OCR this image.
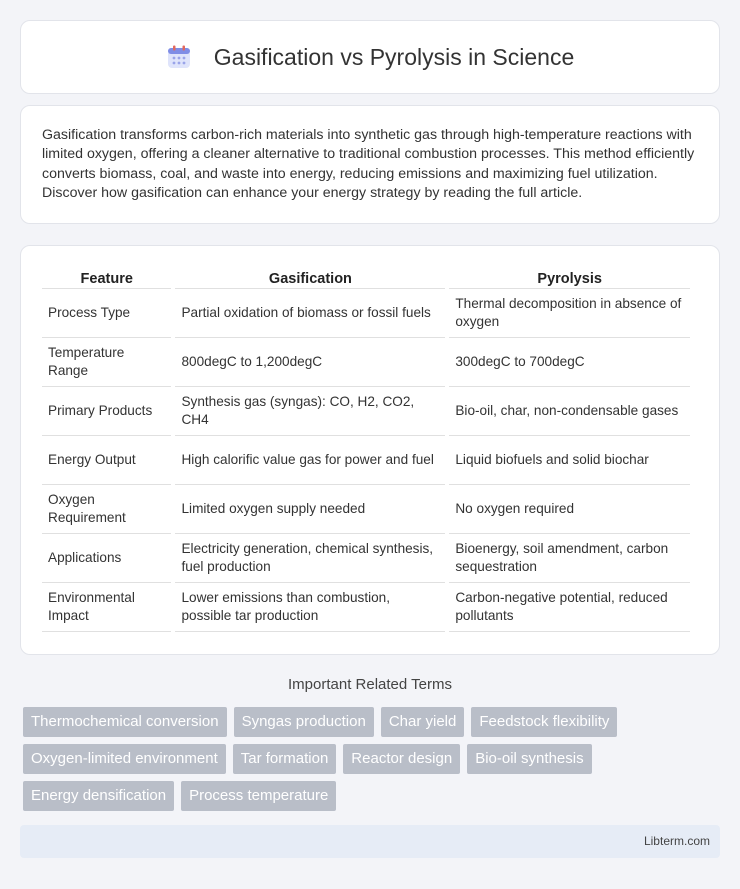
Gasification vs Pyrolysis in Science

Gasification transforms carbon-rich materials into synthetic gas through high-temperature reactions with limited oxygen, offering a cleaner alternative to traditional combustion processes. This method efficiently converts biomass, coal, and waste into energy, reducing emissions and maximizing fuel utilization. Discover how gasification can enhance your energy strategy by reading the full article.

Feature	Gasification	Pyrolysis
Process Type	Partial oxidation of biomass or fossil fuels	Thermal decomposition in absence of oxygen
Temperature Range	800degC to 1,200degC	300degC to 700degC
Primary Products	Synthesis gas (syngas): CO, H2, CO2, CH4	Bio-oil, char, non-condensable gases
Energy Output	High calorific value gas for power and fuel	Liquid biofuels and solid biochar
Oxygen Requirement	Limited oxygen supply needed	No oxygen required
Applications	Electricity generation, chemical synthesis, fuel production	Bioenergy, soil amendment, carbon sequestration
Environmental Impact	Lower emissions than combustion, possible tar production	Carbon-negative potential, reduced pollutants
Important Related Terms
Thermochemical conversion	Syngas production	Char yield	Feedstock flexibility
Oxygen-limited environment	Tar formation	Reactor design	Bio-oil synthesis
Energy densification	Process temperature
Libterm.com
